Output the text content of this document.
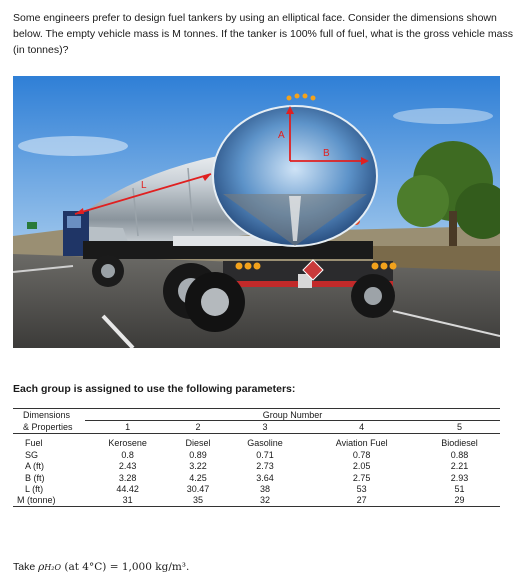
Some engineers prefer to design fuel tankers by using an elliptical face. Consider the dimensions shown below. The empty vehicle mass is M tonnes. If the tanker is 100% full of fuel, what is the gross vehicle mass (in tonnes)?
A
B
L
Each group is assigned to use the following parameters:
Dimensions	Group Number				
& Properties	1	2	3	4	5
Fuel	Kerosene	Diesel	Gasoline	Aviation Fuel	Biodiesel
SG	0.8	0.89	0.71	0.78	0.88
A (ft)	2.43	3.22	2.73	2.05	2.21
B (ft)	3.28	4.25	3.64	2.75	2.93
L (ft)	44.42	30.47	38	53	51
M (tonne)	31	35	32	27	29
Take ρH₂O (at 4°C) = 1,000 kg/m³.
